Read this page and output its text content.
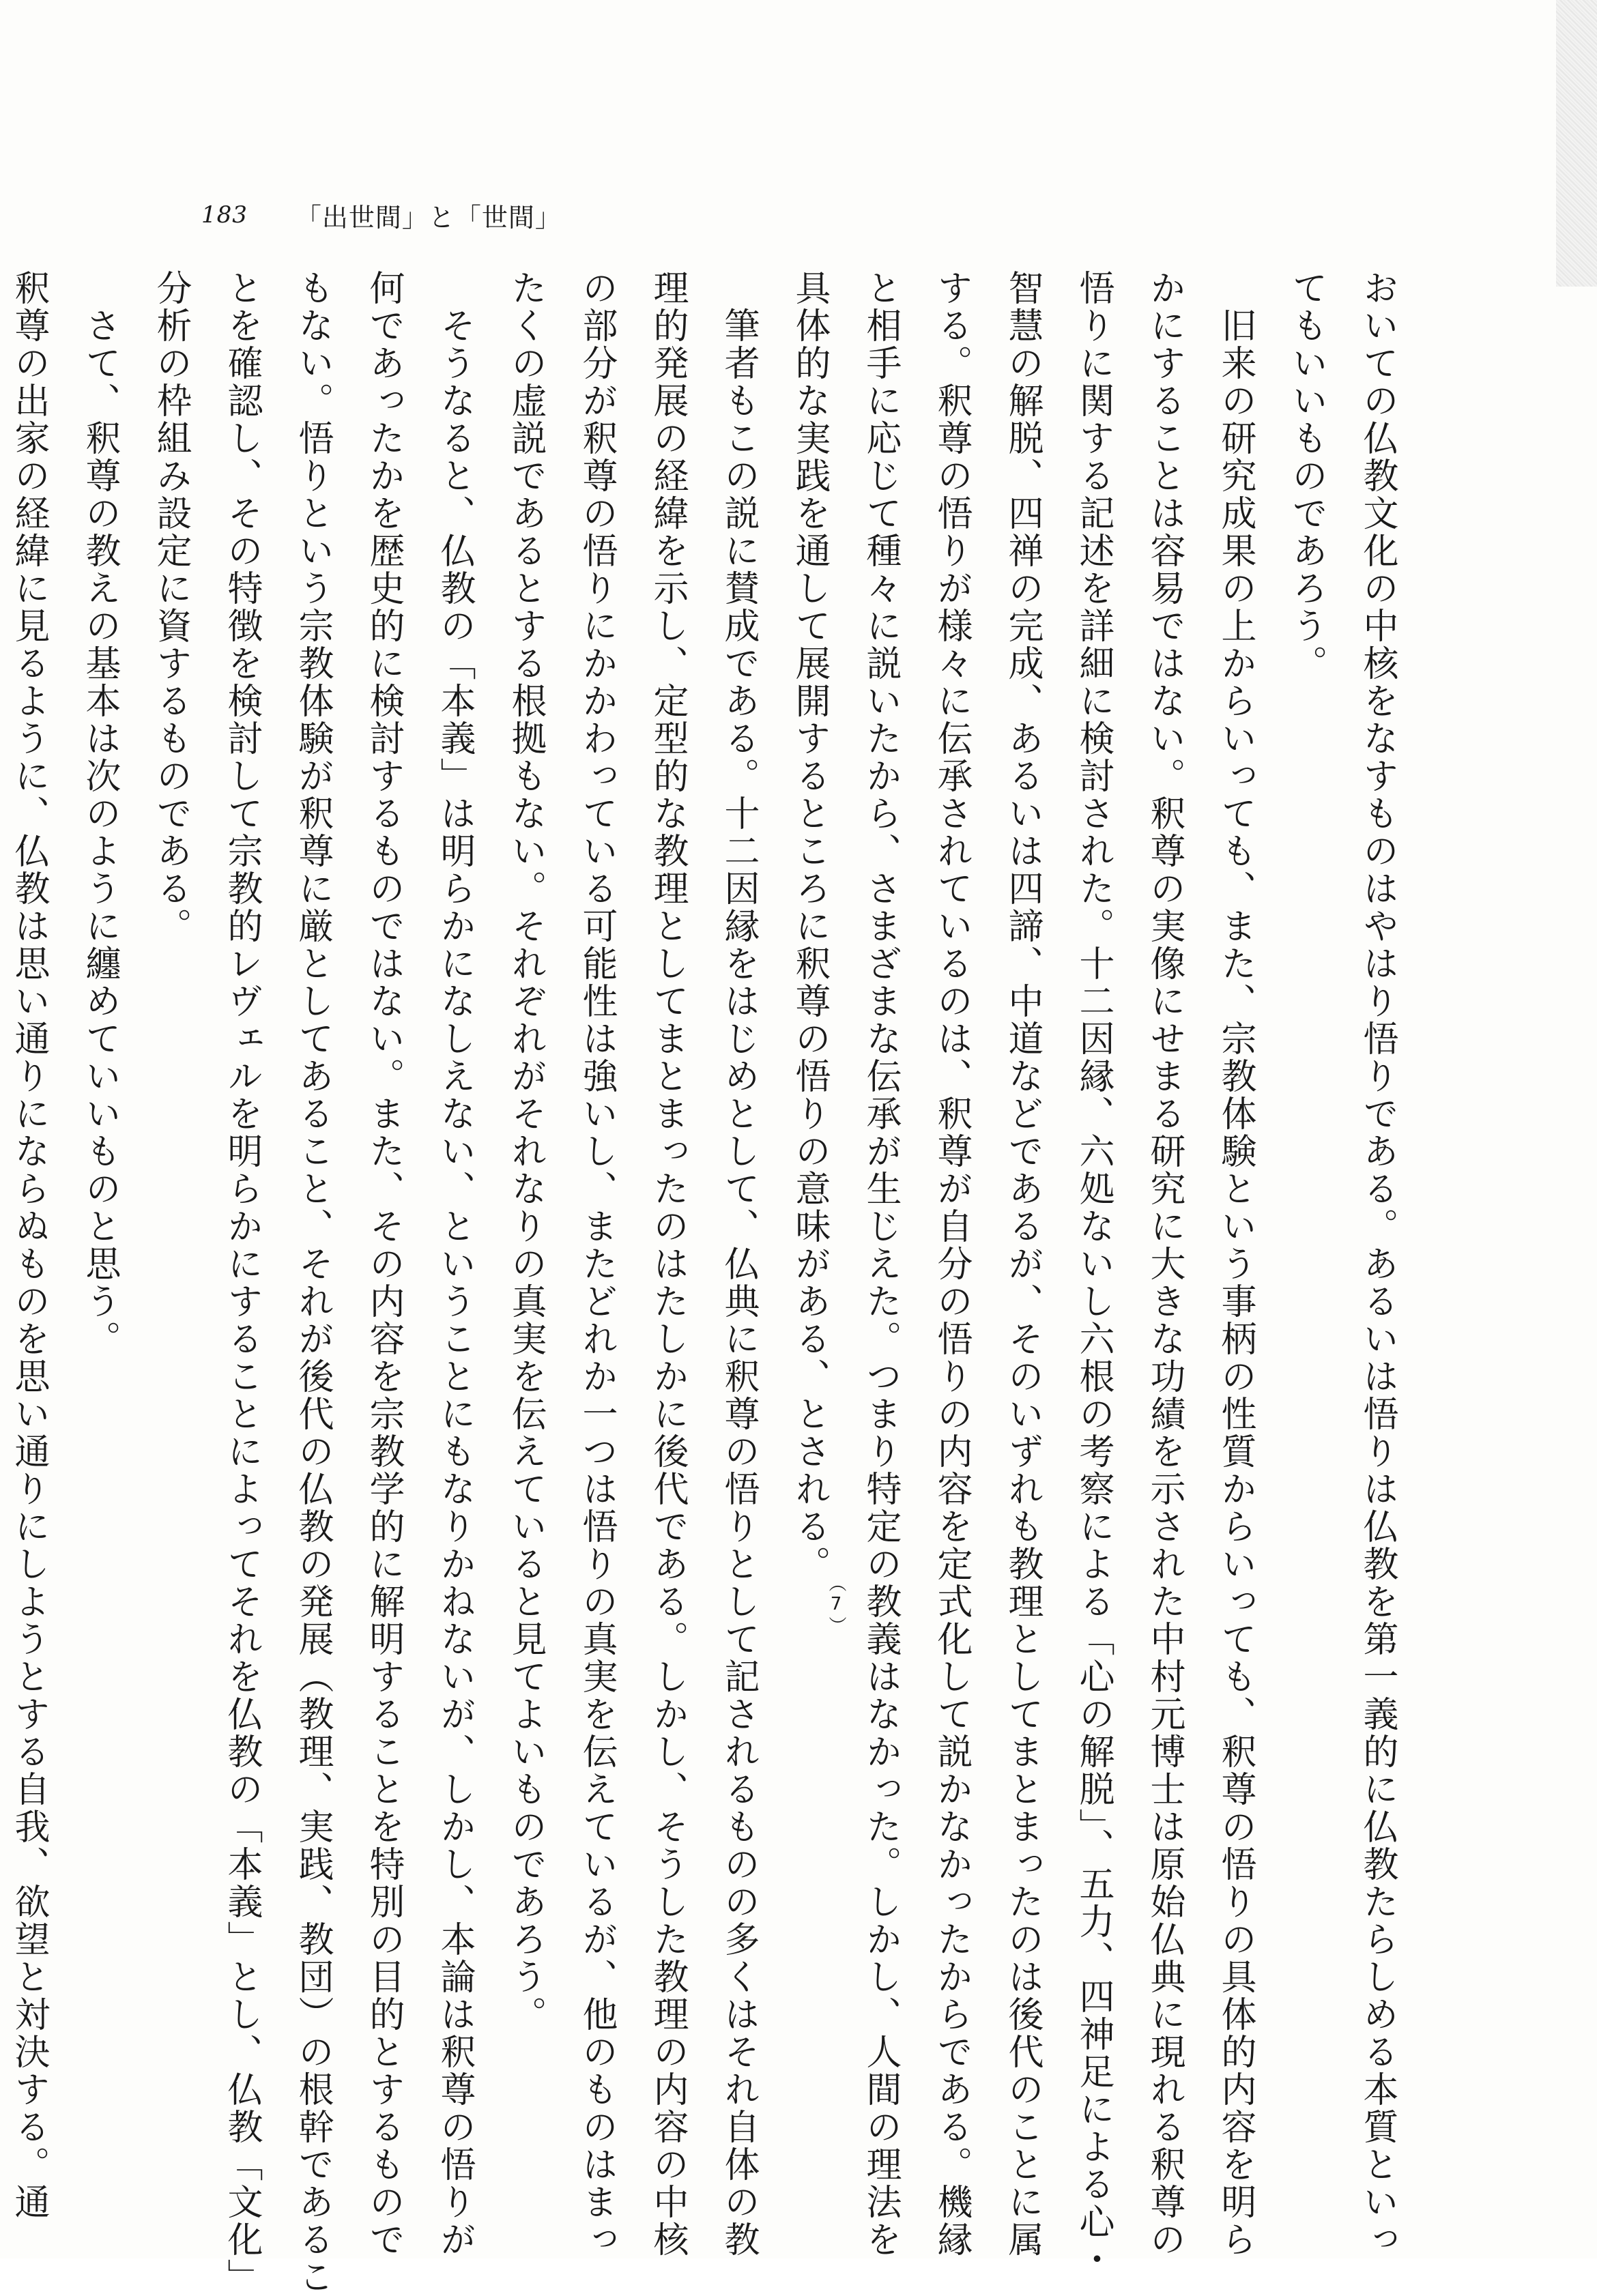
183 「出世間」と「世間」
おいての仏教文化の中核をなすものはやはり悟りである。あるいは悟りは仏教を第一義的に仏教たらしめる本質といっ
てもいいものであろう。
　旧来の研究成果の上からいっても、また、宗教体験という事柄の性質からいっても、釈尊の悟りの具体的内容を明ら
かにすることは容易ではない。釈尊の実像にせまる研究に大きな功績を示された中村元博士は原始仏典に現れる釈尊の
悟りに関する記述を詳細に検討された。十二因縁、六処ないし六根の考察による「心の解脱」、五力、四神足による心・
智慧の解脱、四禅の完成、あるいは四諦、中道などであるが、そのいずれも教理としてまとまったのは後代のことに属
する。釈尊の悟りが様々に伝承されているのは、釈尊が自分の悟りの内容を定式化して説かなかったからである。機縁
と相手に応じて種々に説いたから、さまざまな伝承が生じえた。つまり特定の教義はなかった。しかし、人間の理法を
具体的な実践を通して展開するところに釈尊の悟りの意味がある、とされる。$^{(7)}$
　筆者もこの説に賛成である。十二因縁をはじめとして、仏典に釈尊の悟りとして記されるものの多くはそれ自体の教
理的発展の経緯を示し、定型的な教理としてまとまったのはたしかに後代である。しかし、そうした教理の内容の中核
の部分が釈尊の悟りにかかわっている可能性は強いし、またどれか一つは悟りの真実を伝えているが、他のものはまっ
たくの虚説であるとする根拠もない。それぞれがそれなりの真実を伝えていると見てよいものであろう。
　そうなると、仏教の「本義」は明らかになしえない、ということにもなりかねないが、しかし、本論は釈尊の悟りが
何であったかを歴史的に検討するものではない。また、その内容を宗教学的に解明することを特別の目的とするもので
もない。悟りという宗教体験が釈尊に厳としてあること、それが後代の仏教の発展（教理、実践、教団）の根幹であるこ
とを確認し、その特徴を検討して宗教的レヴェルを明らかにすることによってそれを仏教の「本義」とし、仏教「文化」
分析の枠組み設定に資するものである。
　さて、釈尊の教えの基本は次のように纏めていいものと思う。
釈尊の出家の経緯に見るように、仏教は思い通りにならぬものを思い通りにしようとする自我、欲望と対決する。通
